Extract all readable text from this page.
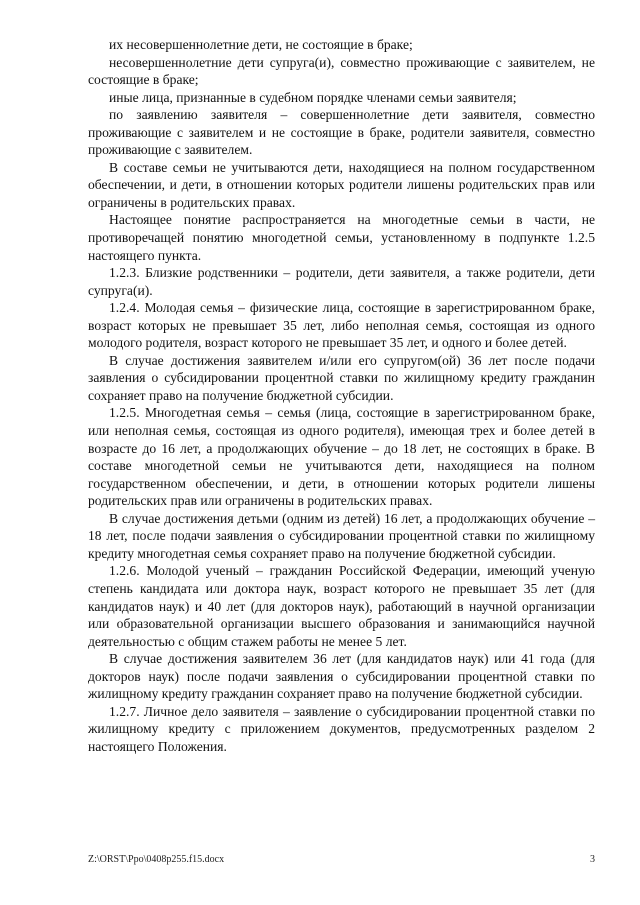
их несовершеннолетние дети, не состоящие в браке;

несовершеннолетние дети супруга(и), совместно проживающие с заявителем, не состоящие в браке;

иные лица, признанные в судебном порядке членами семьи заявителя;

по заявлению заявителя – совершеннолетние дети заявителя, совместно проживающие с заявителем и не состоящие в браке, родители заявителя, совместно проживающие с заявителем.

В составе семьи не учитываются дети, находящиеся на полном государственном обеспечении, и дети, в отношении которых родители лишены родительских прав или ограничены в родительских правах.

Настоящее понятие распространяется на многодетные семьи в части, не противоречащей понятию многодетной семьи, установленному в подпункте 1.2.5 настоящего пункта.

1.2.3. Близкие родственники – родители, дети заявителя, а также родители, дети супруга(и).

1.2.4. Молодая семья – физические лица, состоящие в зарегистрированном браке, возраст которых не превышает 35 лет, либо неполная семья, состоящая из одного молодого родителя, возраст которого не превышает 35 лет, и одного и более детей.

В случае достижения заявителем и/или его супругом(ой) 36 лет после подачи заявления о субсидировании процентной ставки по жилищному кредиту гражданин сохраняет право на получение бюджетной субсидии.

1.2.5. Многодетная семья – семья (лица, состоящие в зарегистрированном браке, или неполная семья, состоящая из одного родителя), имеющая трех и более детей в возрасте до 16 лет, а продолжающих обучение – до 18 лет, не состоящих в браке. В составе многодетной семьи не учитываются дети, находящиеся на полном государственном обеспечении, и дети, в отношении которых родители лишены родительских прав или ограничены в родительских правах.

В случае достижения детьми (одним из детей) 16 лет, а продолжающих обучение – 18 лет, после подачи заявления о субсидировании процентной ставки по жилищному кредиту многодетная семья сохраняет право на получение бюджетной субсидии.

1.2.6. Молодой ученый – гражданин Российской Федерации, имеющий ученую степень кандидата или доктора наук, возраст которого не превышает 35 лет (для кандидатов наук) и 40 лет (для докторов наук), работающий в научной организации или образовательной организации высшего образования и занимающийся научной деятельностью с общим стажем работы не менее 5 лет.

В случае достижения заявителем 36 лет (для кандидатов наук) или 41 года (для докторов наук) после подачи заявления о субсидировании процентной ставки по жилищному кредиту гражданин сохраняет право на получение бюджетной субсидии.

1.2.7. Личное дело заявителя – заявление о субсидировании процентной ставки по жилищному кредиту с приложением документов, предусмотренных разделом 2 настоящего Положения.

Z:\ORST\Ppo\0408p255.f15.docx	3
